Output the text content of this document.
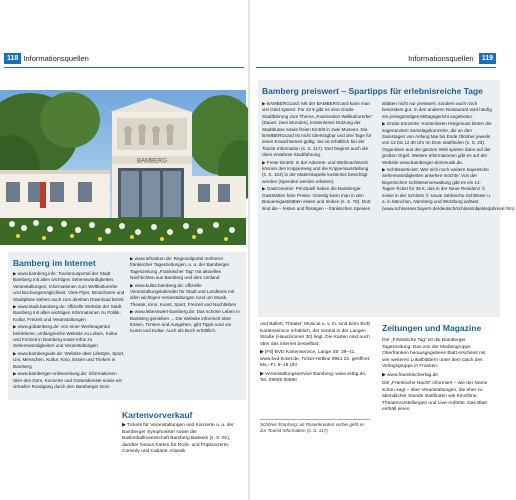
118 Informationsquellen
BAMBERG
Bamberg im Internet

▶ www.bamberg.info: Tourismusportal der Stadt Bamberg mit allen wichtigen Sehenswürdigkeiten, Veranstaltungen, Informationen zum Weltkulturerbe und Buchungsmöglichkeit. Viele Flyer, Broschüren und Stadtpläne stehen auch zum direkten Download bereit.

▶ www.stadt.bamberg.de: offizielle Website der Stadt Bamberg mit allen wichtigen Informationen zu Politik, Kultur, Freizeit und Veranstaltungen

▶ www.gobamberg.de: von einer Werbeagentur betriebene, umfangreiche Website zu Leben, Kultur und Freizeit in Bamberg sowie Infos zu Sehenswürdigkeiten und Veranstaltungen

▶ www.bamberguide.de: Website über Lifestyle, Sport, Uni, Menschen, Kultur, Kino, Essen und Trinken in Bamberg

▶ www.bamberger-onlinezeitung.de: Informationen über den Dom, Konzerte und Gottesdienste sowie ein virtueller Rundgang durch den Bamberger Dom

▶ www.infranken.de: Regionalportal mehrerer fränkischer Tageszeitungen, u. a. der Bamberger Tageszeitung „Fränkischer Tag“ mit aktuellen Nachrichten aus Bamberg und dem Umland

▶ www.kultur.bamberg.de: offizielle Veranstaltungskalender für Stadt und Landkreis mit allen wichtigen Veranstaltungen rund um Musik, Theater, Kino, Kunst, Sport, Freizeit und Nachtleben

▶ www.lebenswert-bamberg.de: Das schöne Leben in Bamberg genießen ... Die Website informiert über Essen, Trinken und Ausgehen, gibt Tipps rund um Kunst und Kultur. Auch als Buch erhältlich.

Kartenvorverkauf

▶ Tickets für Veranstaltungen und Konzerte u. a. der Bamberger Symphoniker sowie der Basketballmannschaft Bamberg Baskets (s. S. 91), darüber hinaus Karten für Rock- und Popkonzerte, Comedy und Cabaret, Klassik

Informationsquellen 119
Bamberg preiswert – Spartipps für erlebnisreiche Tage

▶ BAMBERGcard: Mit der BAMBERGcard kann man viel Geld sparen: Für 22 € gibt es eine Gratis-Stadtführung zum Thema „Faszination Weltkulturerbe“ (Dauer: zwei Stunden), kostenloses Nutzung der Stadtbusse sowie freien Eintritt in zwei Museen. Die BAMBERGcard ist nicht übertragbar und drei Tage für einen Erwachsenen gültig. Sie ist erhältlich bei der Tourist Information (s. S. 117). Dort beginnt auch die oben erwähnte Stadtführung.

▶ Freier Eintritt: In der Advents- und Weihnachtszeit können den Krippenweg und die Krippenausstellung (s. S. 104) in der Maternkapelle kostenlos besichtigt werden (Spenden werden erbeten).

▶ Gastronomie: Prinzipiell haben die Bamberger Gaststätten faire Preise. Günstig kann man in den Brauereigaststätten essen und trinken (s. S. 78). Dort sind die – festen und flüssigen – fränkischen Speisen

alitäten nicht nur preiswert, sondern auch noch besonders gut. In den anderen Restaurant wird häufig ein preisgünstiges Mittagsgericht angeboten.

▶ Gratis-Konzerte: Kostenlosen Hörgenuss bieten die sogenannten Samstagskonzerte, die an den Samstagen von Anfang Mai bis Ende Oktober jeweils von 12 bis 12.30 Uhr im Dom stattfinden (s. S. 23). Organisten aus der ganzen Welt spielen dann auf der großen Orgel. Weitere Informationen gibt es auf der Website www.bamberger-dommusik.de.

▶ Schlösserticket: Wer sich noch weitere bayerische Sehenswürdigkeiten ansehen möchte: Von der Bayerischen Schlösserverwaltung gibt es ein 14-Tages-Ticket für 35 €, das in der Neue Residenz ① sowie in der Schloss ② sowie zahlreiche Schlösser u. a. in München, Nürnberg und Würzburg anlässt (www.schloesser.bayern.de/deutsch/schloss/objekte/jahresk.htm).

und Ballett, Theater, Musical u. v. m. sind beim BVD Kartenservice erhältlich, der zentral in der Langen Straße (Hauszimmer 30) liegt. Die Karten sind auch über das Internet bestellbar:

▶ [F6] BVD Kartenservice, Lange Str. 39–41, www.bvd-ticket.de, Ticket-Hotline 0951 22, geöffnet: Mo.–Fr. 9–18 Uhr

▶ Veranstaltungsservice Bamberg, www.vstbg.de, Tel. 09505 80590

Schöner Empfang: an Rosenkreuten vorbei geht es zur Tourist Information (s. S. 117)
Zeitungen und Magazine

Der „Fränkische Tag“ ist die Bamberger Tageszeitung. Das von der Mediengruppe Oberfranken herausgegebene Blatt erscheint mit vier weiteren Lokalblättern unter dem Dach des Verlagsgruppe in Franken.

▶ www.fraenkischertag.de

Die „Fränkische Nacht“ informiert – wie der Name schon sagt – über Veranstaltungen, die eher zu abendlicher Stunde stattfinden wie Kinofilme, Theatervorstellungen und Live-Auftritte. Das Blatt enthält einen
